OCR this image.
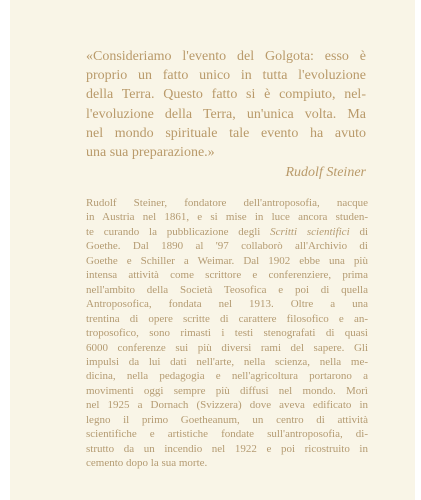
«Consideriamo l'evento del Golgota: esso è
proprio un fatto unico in tutta l'evoluzione
della Terra. Questo fatto si è compiuto, nel-
l'evoluzione della Terra, un'unica volta. Ma
nel mondo spirituale tale evento ha avuto
una sua preparazione.»
Rudolf Steiner
Rudolf Steiner, fondatore dell'antroposofia, nacque
in Austria nel 1861, e si mise in luce ancora studen-
te curando la pubblicazione degli Scritti scientifici di
Goethe. Dal 1890 al '97 collaborò all'Archivio di
Goethe e Schiller a Weimar. Dal 1902 ebbe una più
intensa attività come scrittore e conferenziere, prima
nell'ambito della Società Teosofica e poi di quella
Antroposofica, fondata nel 1913. Oltre a una
trentina di opere scritte di carattere filosofico e an-
troposofico, sono rimasti i testi stenografati di quasi
6000 conferenze sui più diversi rami del sapere. Gli
impulsi da lui dati nell'arte, nella scienza, nella me-
dicina, nella pedagogia e nell'agricoltura portarono a
movimenti oggi sempre più diffusi nel mondo. Morì
nel 1925 a Dornach (Svizzera) dove aveva edificato in
legno il primo Goetheanum, un centro di attività
scientifiche e artistiche fondate sull'antroposofia, di-
strutto da un incendio nel 1922 e poi ricostruito in
cemento dopo la sua morte.
